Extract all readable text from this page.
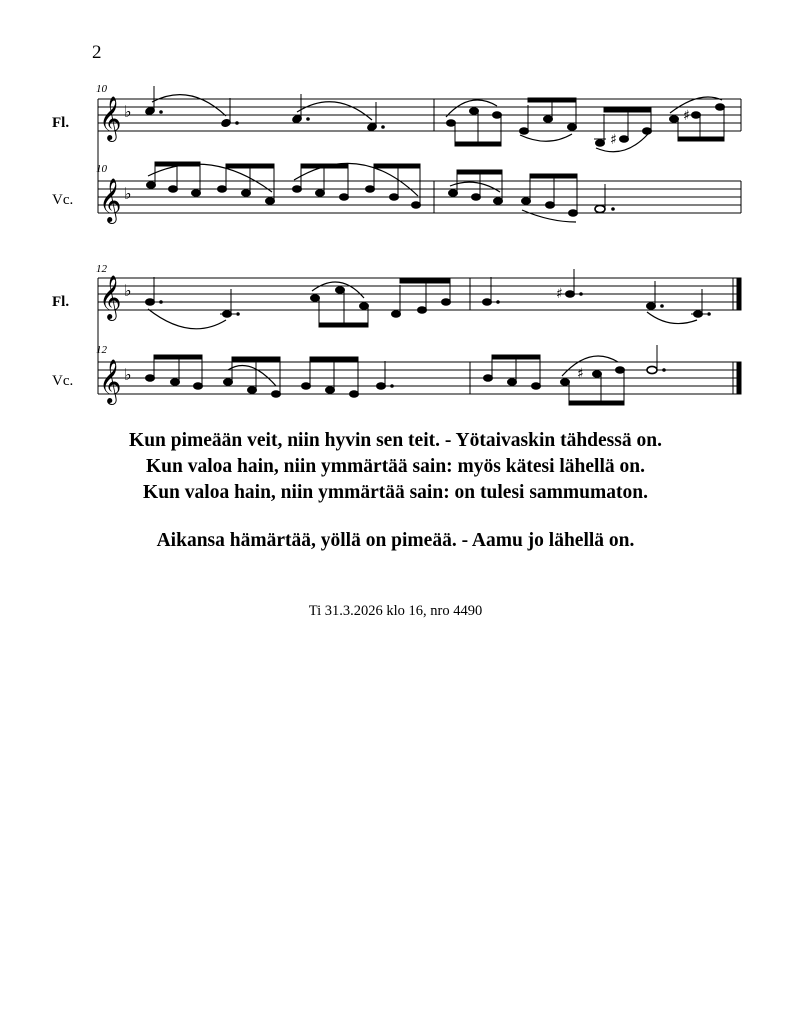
2
10
Fl. 𝄞 ♭
♯
♯
10
Vc. 𝄞 ♭
12
Fl. 𝄞 ♭	♯
12
Vc. 𝄞 ♭	♯
Kun pimeään veit, niin hyvin sen teit. - Yötaivaskin tähdessä on.
Kun valoa hain, niin ymmärtää sain: myös kätesi lähellä on.
Kun valoa hain, niin ymmärtää sain: on tulesi sammumaton.
Aikansa hämärtää, yöllä on pimeää. - Aamu jo lähellä on.
Ti 31.3.2026 klo 16, nro 4490
